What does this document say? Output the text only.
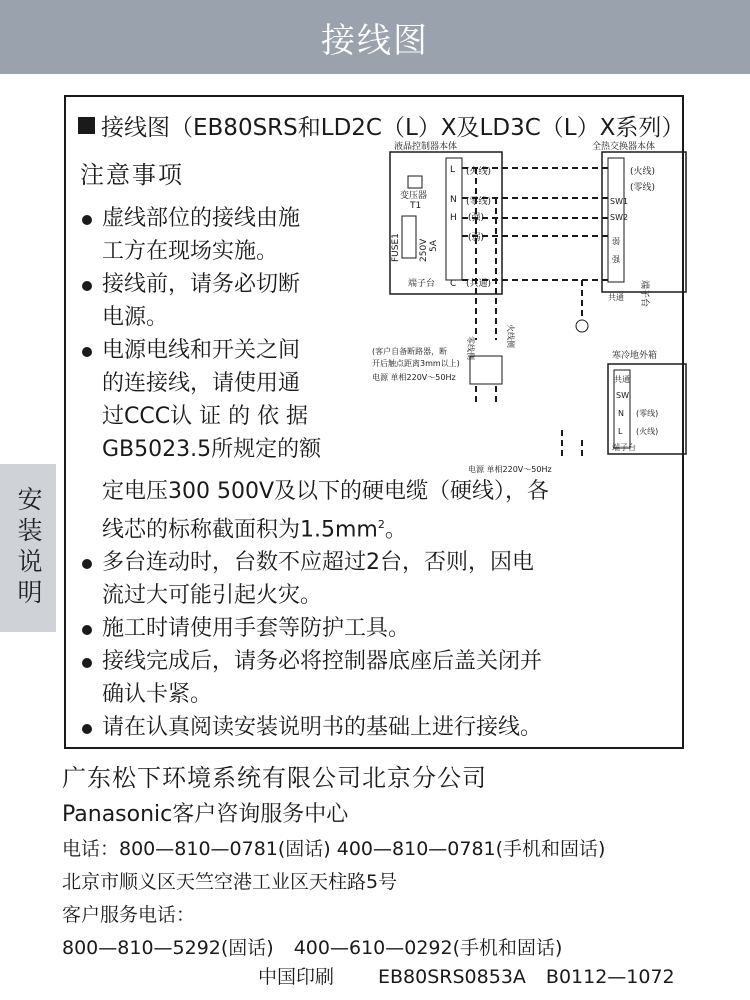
接线图
安装说明
接线图（EB80SRS和LD2C（L）X及LD3C（L）X系列）
注意事项
虚线部位的接线由施
工方在现场实施。
接线前，请务必切断
电源。
电源电线和开关之间
的连接线，请使用通
过CCC认 证 的 依 据
GB5023.5所规定的额
定电压300 500V及以下的硬电缆（硬线），各
线芯的标称截面积为$1.5mm^2$。
多台连动时，台数不应超过2台，否则，因电
流过大可能引起火灾。
施工时请使用手套等防护工具。
接线完成后，请务必将控制器底座后盖关闭并
确认卡紧。
请在认真阅读安装说明书的基础上进行接线。
液晶控制器本体
变压器
T1
FUSE1 250V 5A
L
N
H
C
(火线)
(零线)
(强)
(弱)
(共通)
端子台
全热交换器本体
(火线)
(零线)
SW1
SW2
弱
强
共通 端子台
零线侧	火线侧
(客户自备断路器，断
开后触点距离3mm以上)
电源 单相220V～50Hz
寒冷地外箱
共通
SW
N
L
(零线)
(火线)
端子台
电源 单相220V～50Hz
广东松下环境系统有限公司北京分公司
Panasonic客户咨询服务中心
电话：800—810—0781(固话) 400—810—0781(手机和固话)
北京市顺义区天竺空港工业区天柱路5号
客户服务电话：
800—810—5292(固话) 400—610—0292(手机和固话)
中国印刷 EB80SRS0853A B0112—1072
